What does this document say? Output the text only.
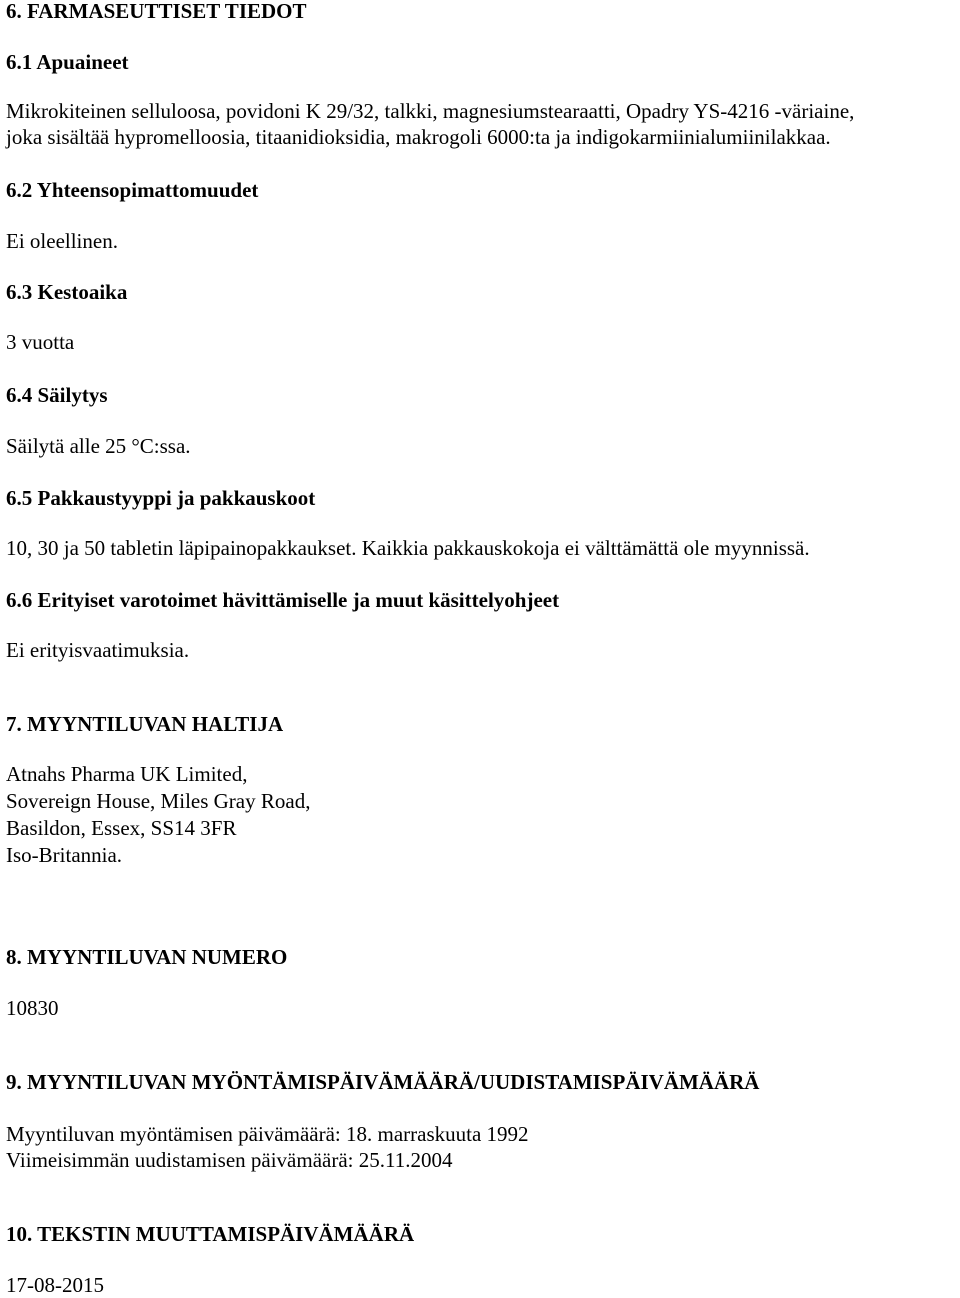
6. FARMASEUTTISET TIEDOT
6.1 Apuaineet
Mikrokiteinen selluloosa, povidoni K 29/32, talkki, magnesiumstearaatti, Opadry YS-4216 -väriaine,
joka sisältää hypromelloosia, titaanidioksidia, makrogoli 6000:ta ja indigokarmiinialumiinilakkaa.
6.2 Yhteensopimattomuudet
Ei oleellinen.
6.3 Kestoaika
3 vuotta
6.4 Säilytys
Säilytä alle 25 °C:ssa.
6.5 Pakkaustyyppi ja pakkauskoot
10, 30 ja 50 tabletin läpipainopakkaukset. Kaikkia pakkauskokoja ei välttämättä ole myynnissä.
6.6 Erityiset varotoimet hävittämiselle ja muut käsittelyohjeet
Ei erityisvaatimuksia.
7. MYYNTILUVAN HALTIJA
Atnahs Pharma UK Limited,
Sovereign House, Miles Gray Road,
Basildon, Essex, SS14 3FR
Iso-Britannia.
8. MYYNTILUVAN NUMERO
10830
9. MYYNTILUVAN MYÖNTÄMISPÄIVÄMÄÄRÄ/UUDISTAMISPÄIVÄMÄÄRÄ
Myyntiluvan myöntämisen päivämäärä: 18. marraskuuta 1992
Viimeisimmän uudistamisen päivämäärä: 25.11.2004
10. TEKSTIN MUUTTAMISPÄIVÄMÄÄRÄ
17-08-2015
